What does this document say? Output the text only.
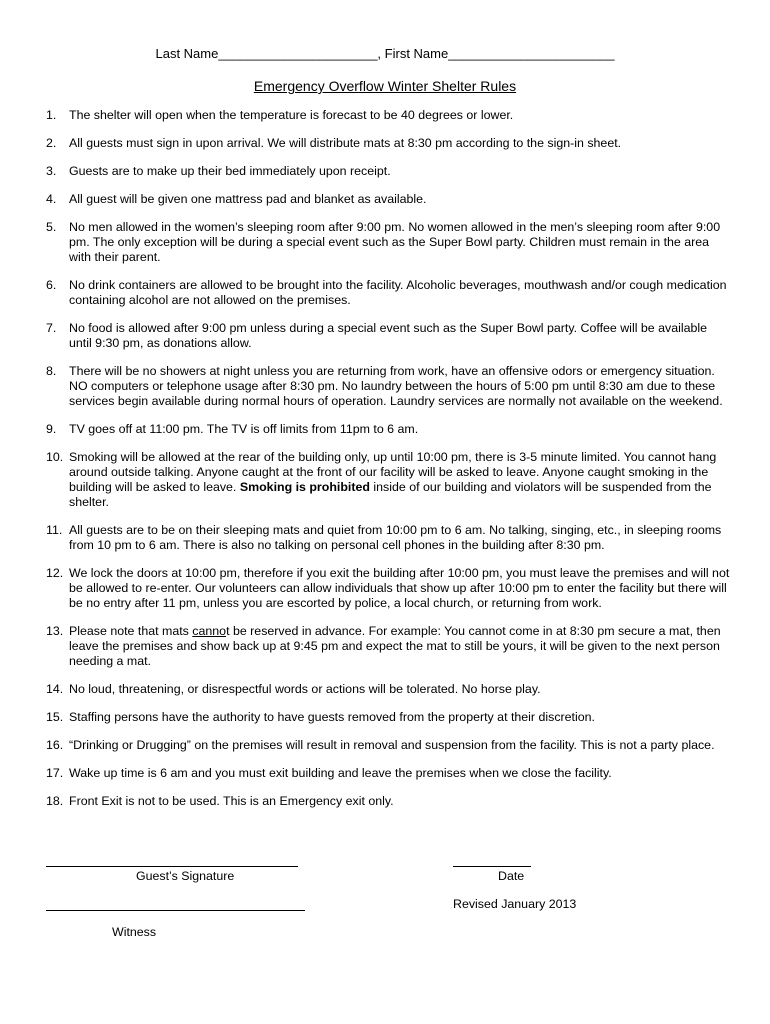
Last Name______________________, First Name_______________________
Emergency Overflow Winter Shelter Rules
1. The shelter will open when the temperature is forecast to be 40 degrees or lower.
2. All guests must sign in upon arrival. We will distribute mats at 8:30 pm according to the sign-in sheet.
3. Guests are to make up their bed immediately upon receipt.
4. All guest will be given one mattress pad and blanket as available.
5. No men allowed in the women’s sleeping room after 9:00 pm. No women allowed in the men’s sleeping room after 9:00 pm. The only exception will be during a special event such as the Super Bowl party. Children must remain in the area with their parent.
6. No drink containers are allowed to be brought into the facility. Alcoholic beverages, mouthwash and/or cough medication containing alcohol are not allowed on the premises.
7. No food is allowed after 9:00 pm unless during a special event such as the Super Bowl party. Coffee will be available until 9:30 pm, as donations allow.
8. There will be no showers at night unless you are returning from work, have an offensive odors or emergency situation. NO computers or telephone usage after 8:30 pm. No laundry between the hours of 5:00 pm until 8:30 am due to these services begin available during normal hours of operation. Laundry services are normally not available on the weekend.
9. TV goes off at 11:00 pm. The TV is off limits from 11pm to 6 am.
10. Smoking will be allowed at the rear of the building only, up until 10:00 pm, there is 3-5 minute limited. You cannot hang around outside talking. Anyone caught at the front of our facility will be asked to leave. Anyone caught smoking in the building will be asked to leave. Smoking is prohibited inside of our building and violators will be suspended from the shelter.
11. All guests are to be on their sleeping mats and quiet from 10:00 pm to 6 am. No talking, singing, etc., in sleeping rooms from 10 pm to 6 am. There is also no talking on personal cell phones in the building after 8:30 pm.
12. We lock the doors at 10:00 pm, therefore if you exit the building after 10:00 pm, you must leave the premises and will not be allowed to re-enter. Our volunteers can allow individuals that show up after 10:00 pm to enter the facility but there will be no entry after 11 pm, unless you are escorted by police, a local church, or returning from work.
13. Please note that mats cannot be reserved in advance. For example: You cannot come in at 8:30 pm secure a mat, then leave the premises and show back up at 9:45 pm and expect the mat to still be yours, it will be given to the next person needing a mat.
14. No loud, threatening, or disrespectful words or actions will be tolerated. No horse play.
15. Staffing persons have the authority to have guests removed from the property at their discretion.
16. “Drinking or Drugging” on the premises will result in removal and suspension from the facility. This is not a party place.
17. Wake up time is 6 am and you must exit building and leave the premises when we close the facility.
18. Front Exit is not to be used. This is an Emergency exit only.
Guest’s Signature	Date
Revised January 2013
Witness
